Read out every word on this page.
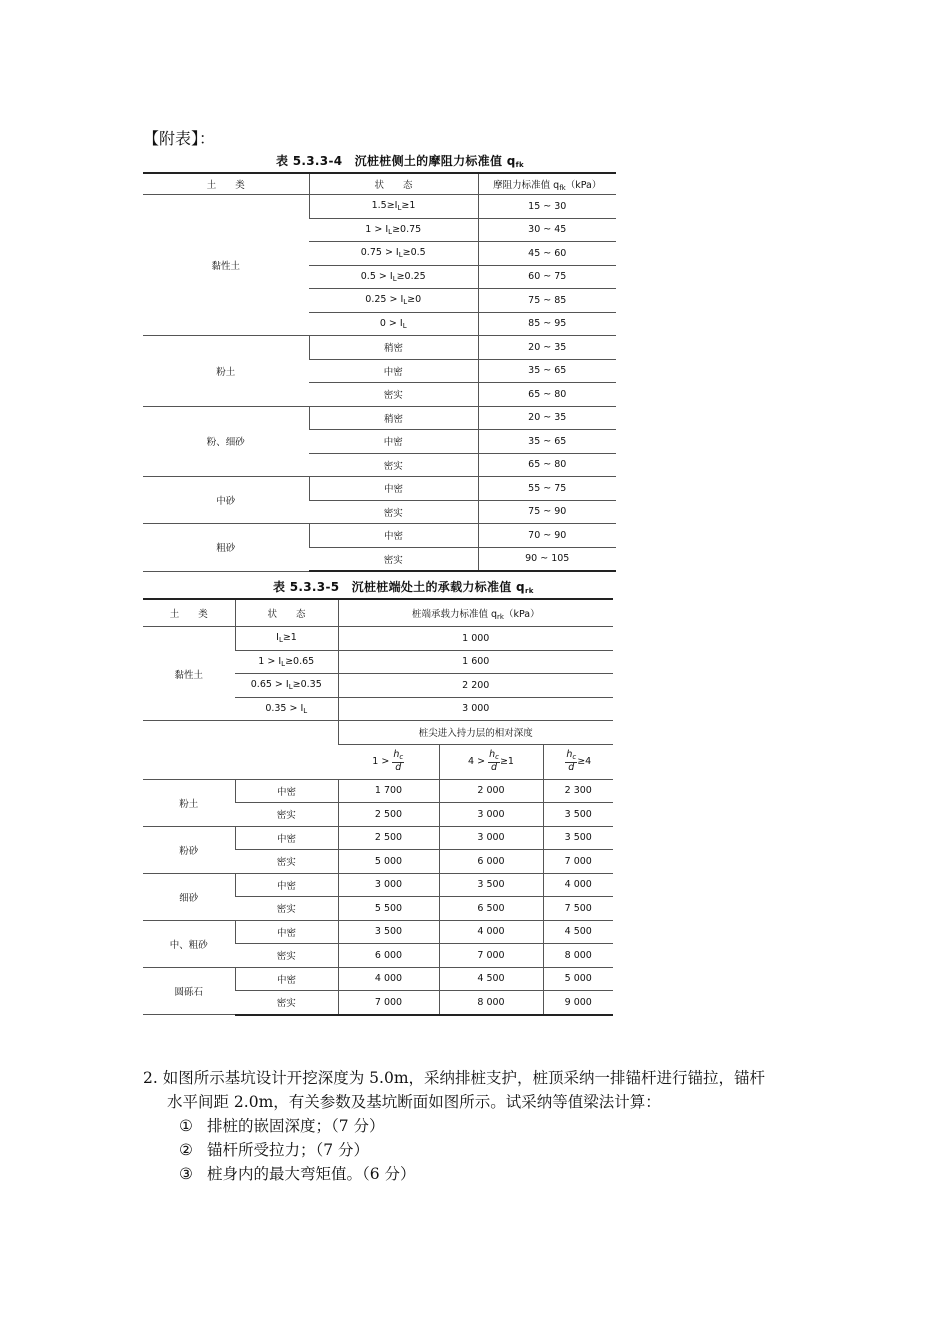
【附表】：
表 5.3.3-4　沉桩桩侧土的摩阻力标准值 $q_{fk}$
土　　类	状　　态	摩阻力标准值 $q_{fk}(kPa)$
黏性土	$1.5\ge I_L\ge 1$	15 ~ 30
	$1 > I_L\ge 0.75$	30 ~ 45
	$0.75 > I_L\ge 0.5$	45 ~ 60
	$0.5 > I_L\ge 0.25$	60 ~ 75
	$0.25 > I_L\ge 0$	75 ~ 85
	$0 > I_L$	85 ~ 95
粉土	稍密	20 ~ 35
	中密	35 ~ 65
	密实	65 ~ 80
粉、细砂	稍密	20 ~ 35
	中密	35 ~ 65
	密实	65 ~ 80
中砂	中密	55 ~ 75
	密实	75 ~ 90
粗砂	中密	70 ~ 90
	密实	90 ~ 105
表 5.3.3-5　沉桩桩端处土的承载力标准值 $q_{rk}$
土　　类	状　　态	桩端承载力标准值 $q_{rk}(kPa)$		
黏性土	$I_L\ge 1$	1 000		
	$1 > I_L\ge 0.65$	1 600		
	$0.65 > I_L\ge 0.35$	2 200		
	$0.35 > I_L$	3 000		
		桩尖进入持力层的相对深度		
		$1 > \frac{h_c}{d}$	$4 > \frac{h_c}{d} \ge 1$	$\frac{h_c}{d} \ge 4$
粉土	中密	1 700	2 000	2 300
	密实	2 500	3 000	3 500
粉砂	中密	2 500	3 000	3 500
	密实	5 000	6 000	7 000
细砂	中密	3 000	3 500	4 000
	密实	5 500	6 500	7 500
中、粗砂	中密	3 500	4 000	4 500
	密实	6 000	7 000	8 000
圆砾石	中密	4 000	4 500	5 000
	密实	7 000	8 000	9 000
2. 如图所示基坑设计开挖深度为 5.0m，采纳排桩支护，桩顶采纳一排锚杆进行锚拉，锚杆
水平间距 2.0m，有关参数及基坑断面如图所示。试采纳等值梁法计算：
① 排桩的嵌固深度；（7 分）
② 锚杆所受拉力；（7 分）
③ 桩身内的最大弯矩值。（6 分）
